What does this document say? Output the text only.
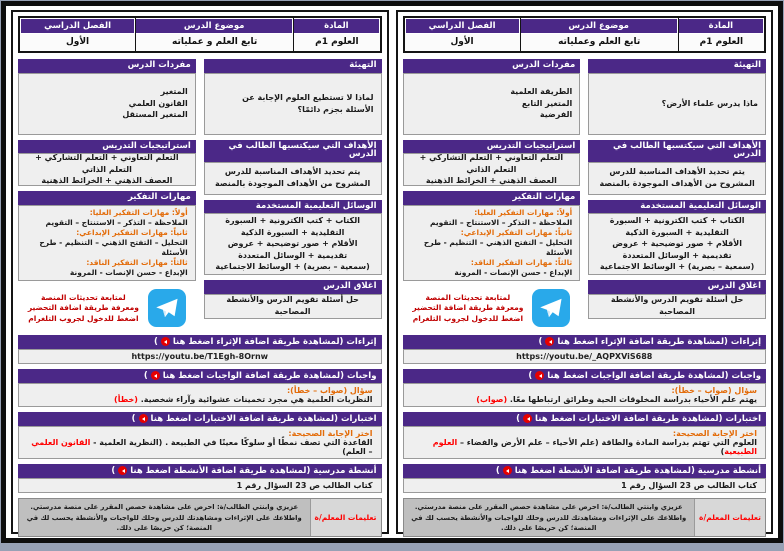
المادة
موضوع الدرس
الفصل الدراسي
العلوم 1م
تابع العلم و عملياته
الأول
التهيئة
لماذا لا تستطيع العلوم الإجابة عن الأسئلة بجزم دائمًا؟
الأهداف التي سيكتسبها الطالب في الدرس
يتم تحديد الأهداف المناسبة للدرس المشروح من الأهداف الموجودة بالمنصة
الوسائل التعليمية المستخدمة
الكتاب + كتب الكترونية + السبورة التقليدية + السبورة الذكية
الأقلام + صور توضيحية + عروض تقديمية + الوسائل المتعددة
(سمعية – بصرية) + الوسائط الاجتماعية
اغلاق الدرس
حل أسئلة تقويم الدرس والأنشطة المصاحبة
مفردات الدرس
المتغير
القانون العلمي
المتغير المستقل
استراتيجيات التدريس
التعلم التعاوني + التعلم التشاركي + التعلم الذاتي
العصف الذهني + الخرائط الذهنية
مهارات التفكير
أولاً: مهارات التفكير العليا:
الملاحظة – التذكر – الاستنتاج – التقويم
ثانياً: مهارات التفكير الإبداعي:
التحليل – التفتح الذهني – التنظيم - طرح الأسئلة
ثالثاً: مهارات التفكير الناقد:
الإبداع - حسن الإنصات - المرونة
لمتابعة تحديثات المنصة
ومعرفة طريقة اضافة التحضير
اضغط للدخول لجروب التلغرام
إثراءات (لمشاهدة طريقة اضافة الإثراء اضغط هنا
)
https://youtu.be/T1Egh-8Ornw
واجبات (لمشاهدة طريقة اضافة الواجبات اضغط هنا
)
سؤال (صواب – خطأ):
النظريات العلمية هي مجرد تخمينات عشوائية وآراء شخصية. (خطأ)
اختبارات (لمشاهدة طريقة اضافة الاختبارات اضغط هنا
)
اختر الإجابة الصحيحة:
القاعدة التي تصف نمطًا أو سلوكًا معينًا في الطبيعة . (النظرية العلمية - القانون العلمي – العلم)
أنشطة مدرسية (لمشاهدة طريقة اضافة الأنشطة اضغط هنا
)
كتاب الطالب ص 23 السؤال رقم 1
تعليمات المعلم/ة
عزيزي وابنتي الطالب/ة: احرص على مشاهدة حصص المقرر على منصة مدرستي.
واطلاعك على الإثراءات ومشاهدتك للدرس وحلك للواجبات والأنشطة يحسب لك في المنصة؛ كن حريصًا على ذلك.
المادة
موضوع الدرس
الفصل الدراسي
العلوم 1م
تابع العلم وعملياته
الأول
التهيئة
ماذا يدرس علماء الأرض؟
الأهداف التي سيكتسبها الطالب في الدرس
يتم تحديد الأهداف المناسبة للدرس المشروح من الأهداف الموجودة بالمنصة
الوسائل التعليمية المستخدمة
الكتاب + كتب الكترونية + السبورة التقليدية + السبورة الذكية
الأقلام + صور توضيحية + عروض تقديمية + الوسائل المتعددة
(سمعية – بصرية) + الوسائط الاجتماعية
اغلاق الدرس
حل أسئلة تقويم الدرس والأنشطة المصاحبة
مفردات الدرس
الطريقة العلمية
المتغير التابع
الفرضية
استراتيجيات التدريس
التعلم التعاوني + التعلم التشاركي + التعلم الذاتي
العصف الذهني + الخرائط الذهنية
مهارات التفكير
أولاً: مهارات التفكير العليا:
الملاحظة – التذكر – الاستنتاج – التقويم
ثانياً: مهارات التفكير الإبداعي:
التحليل – التفتح الذهني – التنظيم - طرح الأسئلة
ثالثاً: مهارات التفكير الناقد:
الإبداع - حسن الإنصات - المرونة
لمتابعة تحديثات المنصة
ومعرفة طريقة اضافة التحضير
اضغط للدخول لجروب التلغرام
إثراءات (لمشاهدة طريقة اضافة الإثراء اضغط هنا
)
https://youtu.be/_AQPXViS688
واجبات (لمشاهدة طريقة اضافة الواجبات اضغط هنا
)
سؤال (صواب – خطأ):
يهتم علم الأحياء بدراسة المخلوقات الحية وطرائق ارتباطها معًا. (صواب)
اختبارات (لمشاهدة طريقة اضافة الاختبارات اضغط هنا
)
اختر الإجابة الصحيحة:
العلوم التي تهتم بدراسة المادة والطاقة (علم الأحياء – علم الأرض والفضاء – العلوم الطبيعية)
أنشطة مدرسية (لمشاهدة طريقة اضافة الأنشطة اضغط هنا
)
كتاب الطالب ص 23 السؤال رقم 1
تعليمات المعلم/ة
عزيزي وابنتي الطالب/ة: احرص على مشاهدة حصص المقرر على منصة مدرستي.
واطلاعك على الإثراءات ومشاهدتك للدرس وحلك للواجبات والأنشطة يحسب لك في المنصة؛ كن حريصًا على ذلك.
